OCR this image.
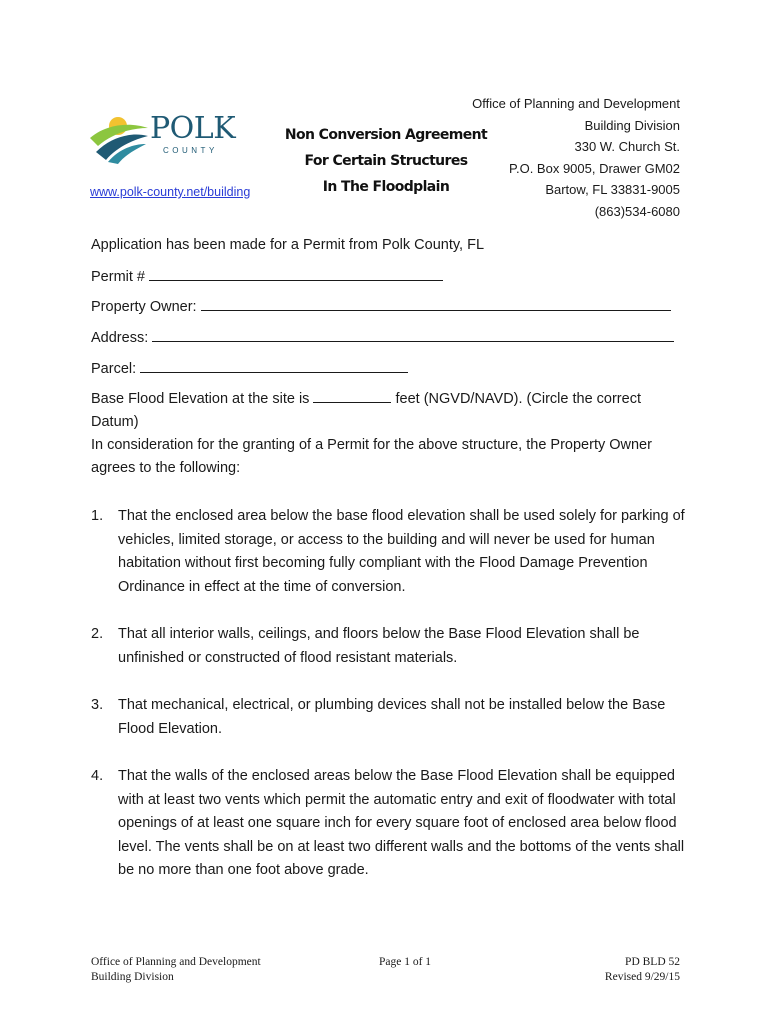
POLK
COUNTY
www.polk-county.net/building
Non Conversion Agreement
For Certain Structures
In The Floodplain
Office of Planning and Development
Building Division
330 W. Church St.
P.O. Box 9005, Drawer GM02
Bartow, FL 33831-9005
(863)534-6080
Application has been made for a Permit from Polk County, FL
Permit #
Property Owner:
Address:
Parcel:
Base Flood Elevation at the site is	feet (NGVD/NAVD). (Circle the correct Datum)
In consideration for the granting of a Permit for the above structure, the Property Owner agrees to the following:
1. That the enclosed area below the base flood elevation shall be used solely for parking of vehicles, limited storage, or access to the building and will never be used for human habitation without first becoming fully compliant with the Flood Damage Prevention Ordinance in effect at the time of conversion.
2. That all interior walls, ceilings, and floors below the Base Flood Elevation shall be unfinished or constructed of flood resistant materials.
3. That mechanical, electrical, or plumbing devices shall not be installed below the Base Flood Elevation.
4. That the walls of the enclosed areas below the Base Flood Elevation shall be equipped with at least two vents which permit the automatic entry and exit of floodwater with total openings of at least one square inch for every square foot of enclosed area below flood level. The vents shall be on at least two different walls and the bottoms of the vents shall be no more than one foot above grade.
Office of Planning and Development
Building Division
Page 1 of 1	PD BLD 52
Revised 9/29/15
